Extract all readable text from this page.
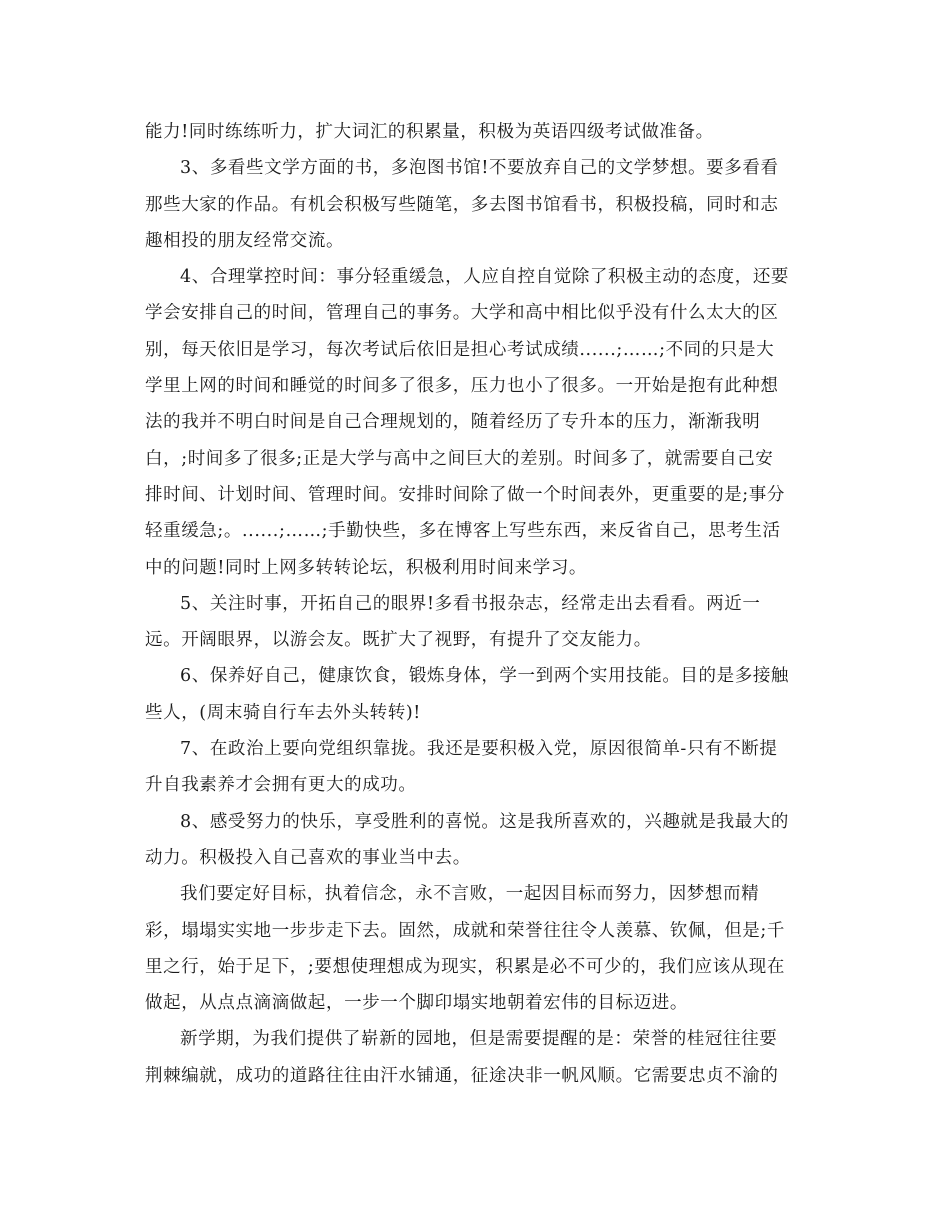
能力!同时练练听力，扩大词汇的积累量，积极为英语四级考试做准备。
3、多看些文学方面的书，多泡图书馆!不要放弃自己的文学梦想。要多看看
那些大家的作品。有机会积极写些随笔，多去图书馆看书，积极投稿，同时和志
趣相投的朋友经常交流。
4、合理掌控时间：事分轻重缓急，人应自控自觉除了积极主动的态度，还要
学会安排自己的时间，管理自己的事务。大学和高中相比似乎没有什么太大的区
别，每天依旧是学习，每次考试后依旧是担心考试成绩......;……;不同的只是大
学里上网的时间和睡觉的时间多了很多，压力也小了很多。一开始是抱有此种想
法的我并不明白时间是自己合理规划的，随着经历了专升本的压力，渐渐我明
白，;时间多了很多;正是大学与高中之间巨大的差别。时间多了，就需要自己安
排时间、计划时间、管理时间。安排时间除了做一个时间表外，更重要的是;事分
轻重缓急;。......;……;手勤快些，多在博客上写些东西，来反省自己，思考生活
中的问题!同时上网多转转论坛，积极利用时间来学习。
5、关注时事，开拓自己的眼界!多看书报杂志，经常走出去看看。两近一
远。开阔眼界，以游会友。既扩大了视野，有提升了交友能力。
6、保养好自己，健康饮食，锻炼身体，学一到两个实用技能。目的是多接触
些人，(周末骑自行车去外头转转)!
7、在政治上要向党组织靠拢。我还是要积极入党，原因很简单-只有不断提
升自我素养才会拥有更大的成功。
8、感受努力的快乐，享受胜利的喜悦。这是我所喜欢的，兴趣就是我最大的
动力。积极投入自己喜欢的事业当中去。
我们要定好目标，执着信念，永不言败，一起因目标而努力，因梦想而精
彩，塌塌实实地一步步走下去。固然，成就和荣誉往往令人羡慕、钦佩，但是;千
里之行，始于足下，;要想使理想成为现实，积累是必不可少的，我们应该从现在
做起，从点点滴滴做起，一步一个脚印塌实地朝着宏伟的目标迈进。
新学期，为我们提供了崭新的园地，但是需要提醒的是：荣誉的桂冠往往要
荆棘编就，成功的道路往往由汗水铺通，征途决非一帆风顺。它需要忠贞不渝的
